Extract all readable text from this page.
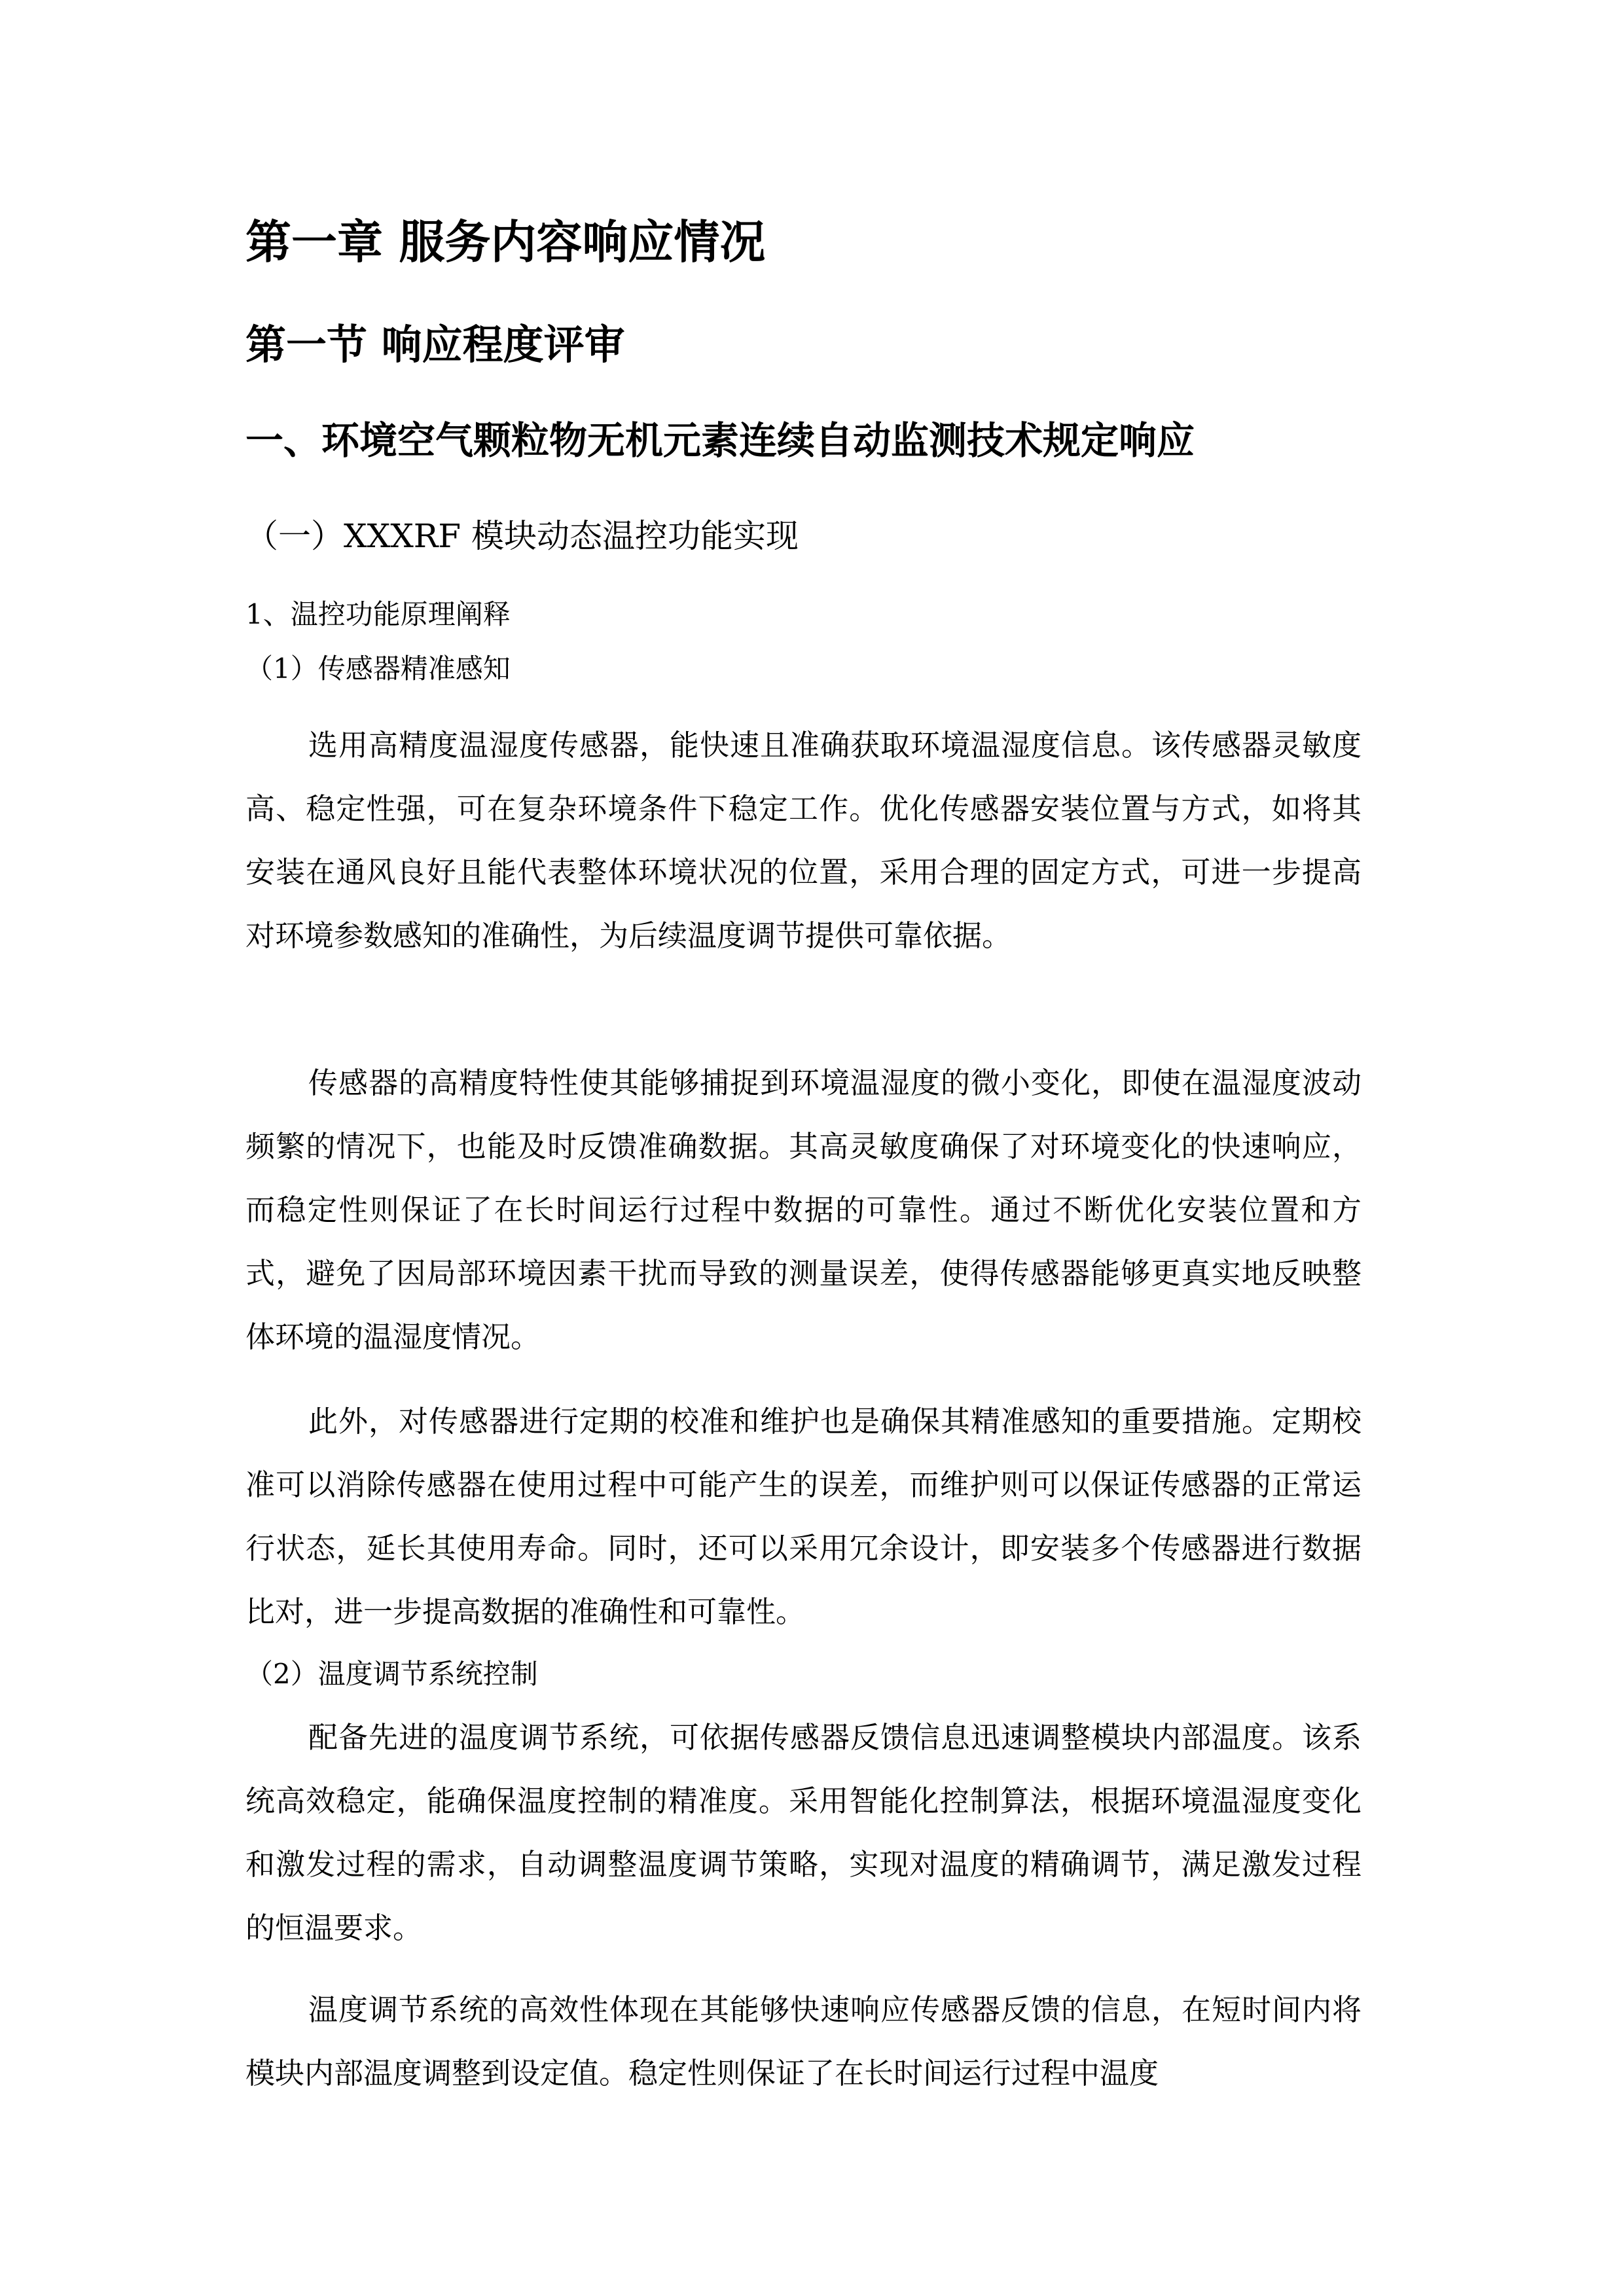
第一章 服务内容响应情况
第一节 响应程度评审
一、环境空气颗粒物无机元素连续自动监测技术规定响应
（一）XXXRF 模块动态温控功能实现
1、温控功能原理阐释
（1）传感器精准感知

选用高精度温湿度传感器，能快速且准确获取环境温湿度信息。该传感器灵敏度高、稳定性强，可在复杂环境条件下稳定工作。优化传感器安装位置与方式，如将其安装在通风良好且能代表整体环境状况的位置，采用合理的固定方式，可进一步提高对环境参数感知的准确性，为后续温度调节提供可靠依据。

传感器的高精度特性使其能够捕捉到环境温湿度的微小变化，即使在温湿度波动频繁的情况下，也能及时反馈准确数据。其高灵敏度确保了对环境变化的快速响应，而稳定性则保证了在长时间运行过程中数据的可靠性。通过不断优化安装位置和方式，避免了因局部环境因素干扰而导致的测量误差，使得传感器能够更真实地反映整体环境的温湿度情况。

此外，对传感器进行定期的校准和维护也是确保其精准感知的重要措施。定期校准可以消除传感器在使用过程中可能产生的误差，而维护则可以保证传感器的正常运行状态，延长其使用寿命。同时，还可以采用冗余设计，即安装多个传感器进行数据比对，进一步提高数据的准确性和可靠性。

（2）温度调节系统控制

配备先进的温度调节系统，可依据传感器反馈信息迅速调整模块内部温度。该系统高效稳定，能确保温度控制的精准度。采用智能化控制算法，根据环境温湿度变化和激发过程的需求，自动调整温度调节策略，实现对温度的精确调节，满足激发过程的恒温要求。

温度调节系统的高效性体现在其能够快速响应传感器反馈的信息，在短时间内将模块内部温度调整到设定值。稳定性则保证了在长时间运行过程中温度
